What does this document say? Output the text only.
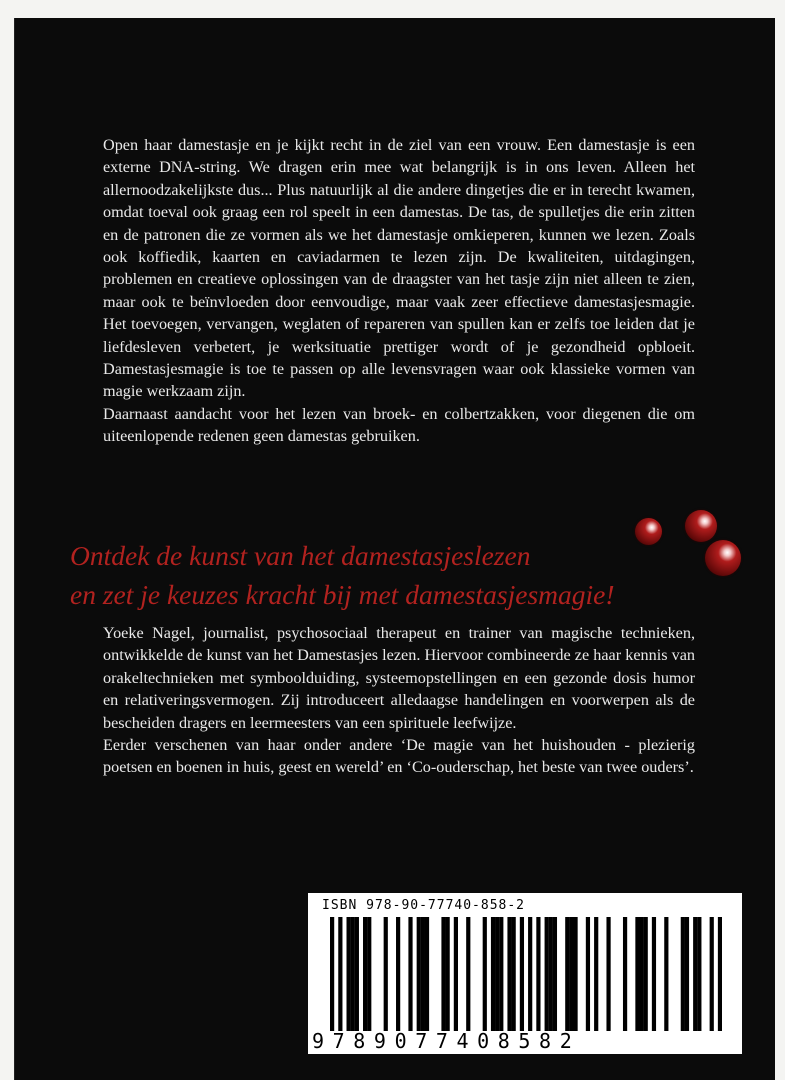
Open haar damestasje en je kijkt recht in de ziel van een vrouw. Een damestasje is een externe DNA-string. We dragen erin mee wat belangrijk is in ons leven. Alleen het allernoodzakelijkste dus... Plus natuurlijk al die andere dingetjes die er in terecht kwamen, omdat toeval ook graag een rol speelt in een damestas. De tas, de spulletjes die erin zitten en de patronen die ze vormen als we het damestasje omkieperen, kunnen we lezen. Zoals ook koffiedik, kaarten en caviadarmen te lezen zijn. De kwaliteiten, uitdagingen, problemen en creatieve oplossingen van de draagster van het tasje zijn niet alleen te zien, maar ook te beïnvloeden door eenvoudige, maar vaak zeer effectieve damestasjesmagie. Het toevoegen, vervangen, weglaten of repareren van spullen kan er zelfs toe leiden dat je liefdesleven verbetert, je werksituatie prettiger wordt of je gezondheid opbloeit. Damestasjesmagie is toe te passen op alle levensvragen waar ook klassieke vormen van magie werkzaam zijn.

Daarnaast aandacht voor het lezen van broek- en colbertzakken, voor diegenen die om uiteenlopende redenen geen damestas gebruiken.

Ontdek de kunst van het damestasjeslezen
en zet je keuzes kracht bij met damestasjesmagie!

Yoeke Nagel, journalist, psychosociaal therapeut en trainer van magische technieken, ontwikkelde de kunst van het Damestasjes lezen. Hiervoor combineerde ze haar kennis van orakeltechnieken met symboolduiding, systeemopstellingen en een gezonde dosis humor en relativeringsvermogen. Zij introduceert alledaagse handelingen en voorwerpen als de bescheiden dragers en leermeesters van een spirituele leefwijze.

Eerder verschenen van haar onder andere ‘De magie van het huishouden - plezierig poetsen en boenen in huis, geest en wereld’ en ‘Co-ouderschap, het beste van twee ouders’.

ISBN 978-90-77740-858-2
9789077408582
